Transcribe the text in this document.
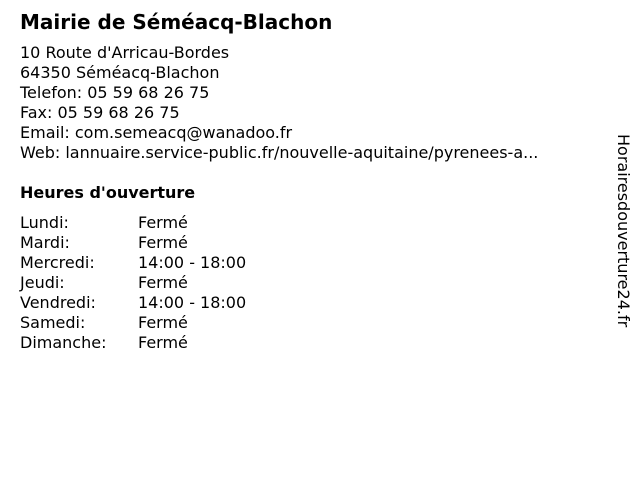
Mairie de Séméacq-Blachon
10 Route d'Arricau-Bordes
64350 Séméacq-Blachon
Telefon: 05 59 68 26 75
Fax: 05 59 68 26 75
Email: com.semeacq@wanadoo.fr
Web: lannuaire.service-public.fr/nouvelle-aquitaine/pyrenees-a...
Heures d'ouverture
Lundi:	Fermé
Mardi:	Fermé
Mercredi:	14:00 - 18:00
Jeudi:	Fermé
Vendredi:	14:00 - 18:00
Samedi:	Fermé
Dimanche: Fermé
Horairesdouverture24.fr
